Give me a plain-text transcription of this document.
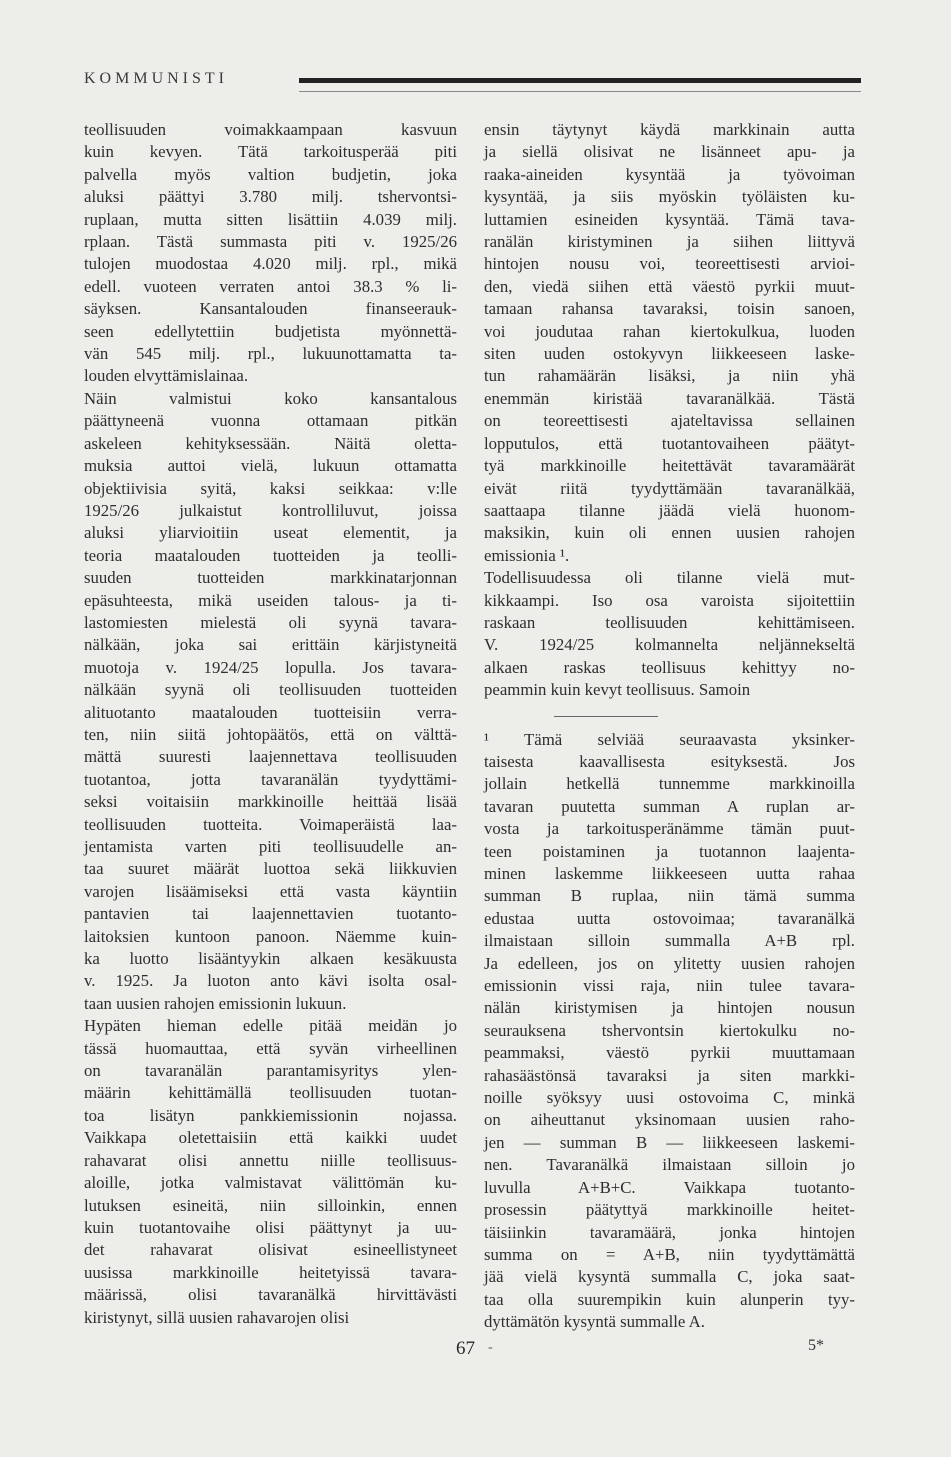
KOMMUNISTI
teollisuuden voimakkaampaan kasvuun
kuin kevyen. Tätä tarkoitusperää piti
palvella myös valtion budjetin, joka
aluksi päättyi 3.780 milj. tshervontsi-
ruplaan, mutta sitten lisättiin 4.039 milj.
rplaan. Tästä summasta piti v. 1925/26
tulojen muodostaa 4.020 milj. rpl., mikä
edell. vuoteen verraten antoi 38.3 % li-
säyksen. Kansantalouden finanseerauk-
seen edellytettiin budjetista myönnettä-
vän 545 milj. rpl., lukuunottamatta ta-
louden elvyttämislainaa.
Näin valmistui koko kansantalous
päättyneenä vuonna ottamaan pitkän
askeleen kehityksessään. Näitä oletta-
muksia auttoi vielä, lukuun ottamatta
objektiivisia syitä, kaksi seikkaa: v:lle
1925/26 julkaistut kontrolliluvut, joissa
aluksi yliarvioitiin useat elementit, ja
teoria maatalouden tuotteiden ja teolli-
suuden tuotteiden markkinatarjonnan
epäsuhteesta, mikä useiden talous- ja ti-
lastomiesten mielestä oli syynä tavara-
nälkään, joka sai erittäin kärjistyneitä
muotoja v. 1924/25 lopulla. Jos tavara-
nälkään syynä oli teollisuuden tuotteiden
alituotanto maatalouden tuotteisiin verra-
ten, niin siitä johtopäätös, että on välttä-
mättä suuresti laajennettava teollisuuden
tuotantoa, jotta tavaranälän tyydyttämi-
seksi voitaisiin markkinoille heittää lisää
teollisuuden tuotteita. Voimaperäistä laa-
jentamista varten piti teollisuudelle an-
taa suuret määrät luottoa sekä liikkuvien
varojen lisäämiseksi että vasta käyntiin
pantavien tai laajennettavien tuotanto-
laitoksien kuntoon panoon. Näemme kuin-
ka luotto lisääntyykin alkaen kesäkuusta
v. 1925. Ja luoton anto kävi isolta osal-
taan uusien rahojen emissionin lukuun.
Hypäten hieman edelle pitää meidän jo
tässä huomauttaa, että syvän virheellinen
on tavaranälän parantamisyritys ylen-
määrin kehittämällä teollisuuden tuotan-
toa lisätyn pankkiemissionin nojassa.
Vaikkapa oletettaisiin että kaikki uudet
rahavarat olisi annettu niille teollisuus-
aloille, jotka valmistavat välittömän ku-
lutuksen esineitä, niin silloinkin, ennen
kuin tuotantovaihe olisi päättynyt ja uu-
det rahavarat olisivat esineellistyneet
uusissa markkinoille heitetyissä tavara-
määrissä, olisi tavaranälkä hirvittävästi
kiristynyt, sillä uusien rahavarojen olisi
ensin täytynyt käydä markkinain autta
ja siellä olisivat ne lisänneet apu- ja
raaka-aineiden kysyntää ja työvoiman
kysyntää, ja siis myöskin työläisten ku-
luttamien esineiden kysyntää. Tämä tava-
ranälän kiristyminen ja siihen liittyvä
hintojen nousu voi, teoreettisesti arvioi-
den, viedä siihen että väestö pyrkii muut-
tamaan rahansa tavaraksi, toisin sanoen,
voi joudutaa rahan kiertokulkua, luoden
siten uuden ostokyvyn liikkeeseen laske-
tun rahamäärän lisäksi, ja niin yhä
enemmän kiristää tavaranälkää. Tästä
on teoreettisesti ajateltavissa sellainen
lopputulos, että tuotantovaiheen päätyt-
tyä markkinoille heitettävät tavaramäärät
eivät riitä tyydyttämään tavaranälkää,
saattaapa tilanne jäädä vielä huonom-
maksikin, kuin oli ennen uusien rahojen
emissionia ¹.
Todellisuudessa oli tilanne vielä mut-
kikkaampi. Iso osa varoista sijoitettiin
raskaan teollisuuden kehittämiseen.
V. 1924/25 kolmannelta neljännekseltä
alkaen raskas teollisuus kehittyy no-
peammin kuin kevyt teollisuus. Samoin
¹ Tämä selviää seuraavasta yksinker-
taisesta kaavallisesta esityksestä. Jos
jollain hetkellä tunnemme markkinoilla
tavaran puutetta summan A ruplan ar-
vosta ja tarkoitusperänämme tämän puut-
teen poistaminen ja tuotannon laajenta-
minen laskemme liikkeeseen uutta rahaa
summan B ruplaa, niin tämä summa
edustaa uutta ostovoimaa; tavaranälkä
ilmaistaan silloin summalla A+B rpl.
Ja edelleen, jos on ylitetty uusien rahojen
emissionin vissi raja, niin tulee tavara-
nälän kiristymisen ja hintojen nousun
seurauksena tshervontsin kiertokulku no-
peammaksi, väestö pyrkii muuttamaan
rahasäästönsä tavaraksi ja siten markki-
noille syöksyy uusi ostovoima C, minkä
on aiheuttanut yksinomaan uusien raho-
jen — summan B — liikkeeseen laskemi-
nen. Tavaranälkä ilmaistaan silloin jo
luvulla A+B+C. Vaikkapa tuotanto-
prosessin päätyttyä markkinoille heitet-
täisiinkin tavaramäärä, jonka hintojen
summa on = A+B, niin tyydyttämättä
jää vielä kysyntä summalla C, joka saat-
taa olla suurempikin kuin alunperin tyy-
dyttämätön kysyntä summalle A.
67 -	5*
